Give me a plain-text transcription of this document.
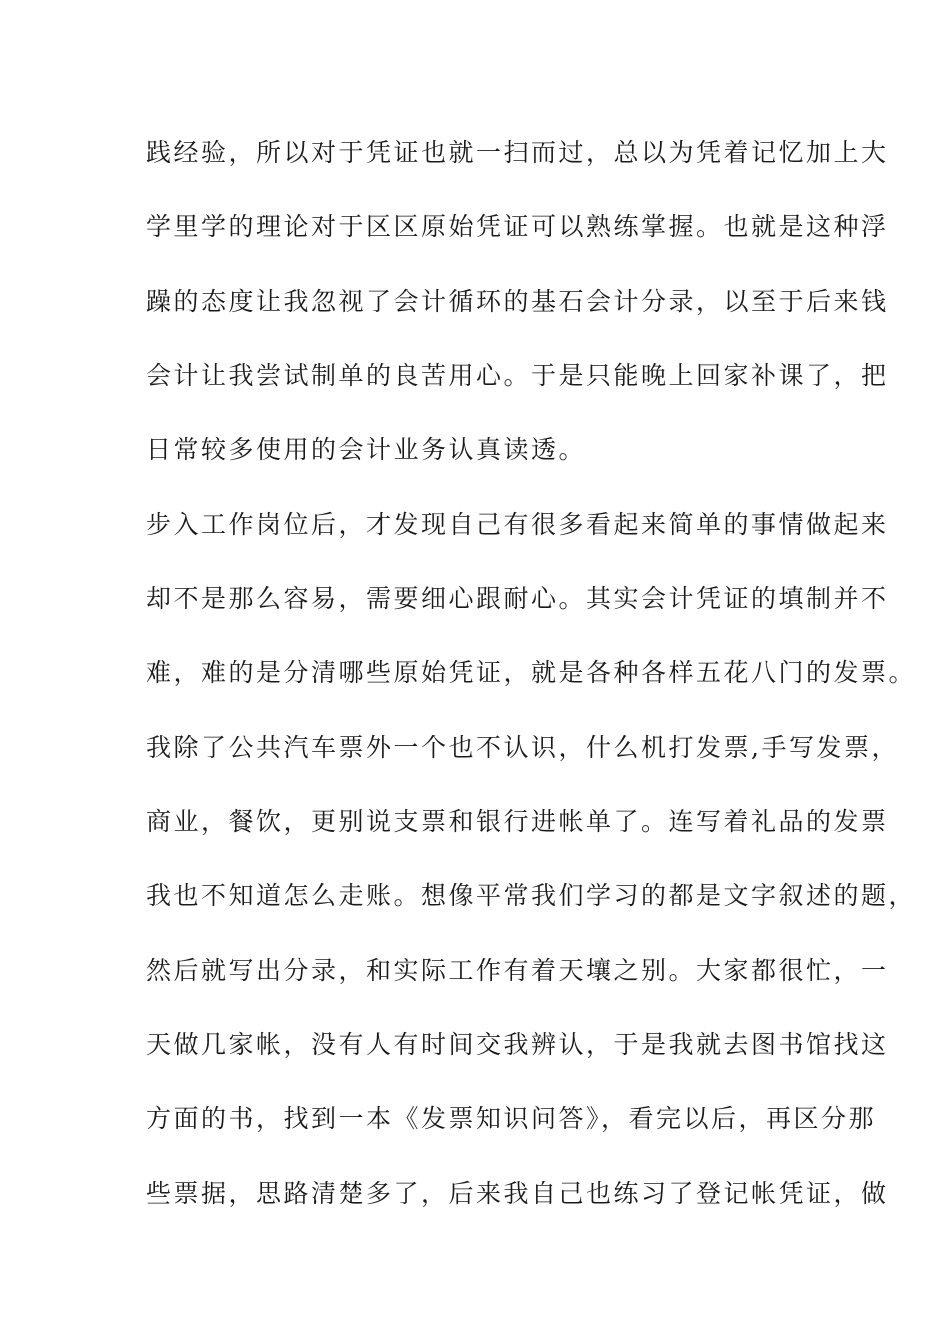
践经验，所以对于凭证也就一扫而过，总以为凭着记忆加上大
学里学的理论对于区区原始凭证可以熟练掌握。也就是这种浮
躁的态度让我忽视了会计循环的基石会计分录，以至于后来钱
会计让我尝试制单的良苦用心。于是只能晚上回家补课了，把
日常较多使用的会计业务认真读透。
步入工作岗位后，才发现自己有很多看起来简单的事情做起来
却不是那么容易，需要细心跟耐心。其实会计凭证的填制并不
难，难的是分清哪些原始凭证，就是各种各样五花八门的发票。
我除了公共汽车票外一个也不认识，什么机打发票,手写发票，
商业，餐饮，更别说支票和银行进帐单了。连写着礼品的发票
我也不知道怎么走账。想像平常我们学习的都是文字叙述的题，
然后就写出分录，和实际工作有着天壤之别。大家都很忙，一
天做几家帐，没有人有时间交我辨认，于是我就去图书馆找这
方面的书，找到一本《发票知识问答》，看完以后，再区分那
些票据，思路清楚多了，后来我自己也练习了登记帐凭证，做
